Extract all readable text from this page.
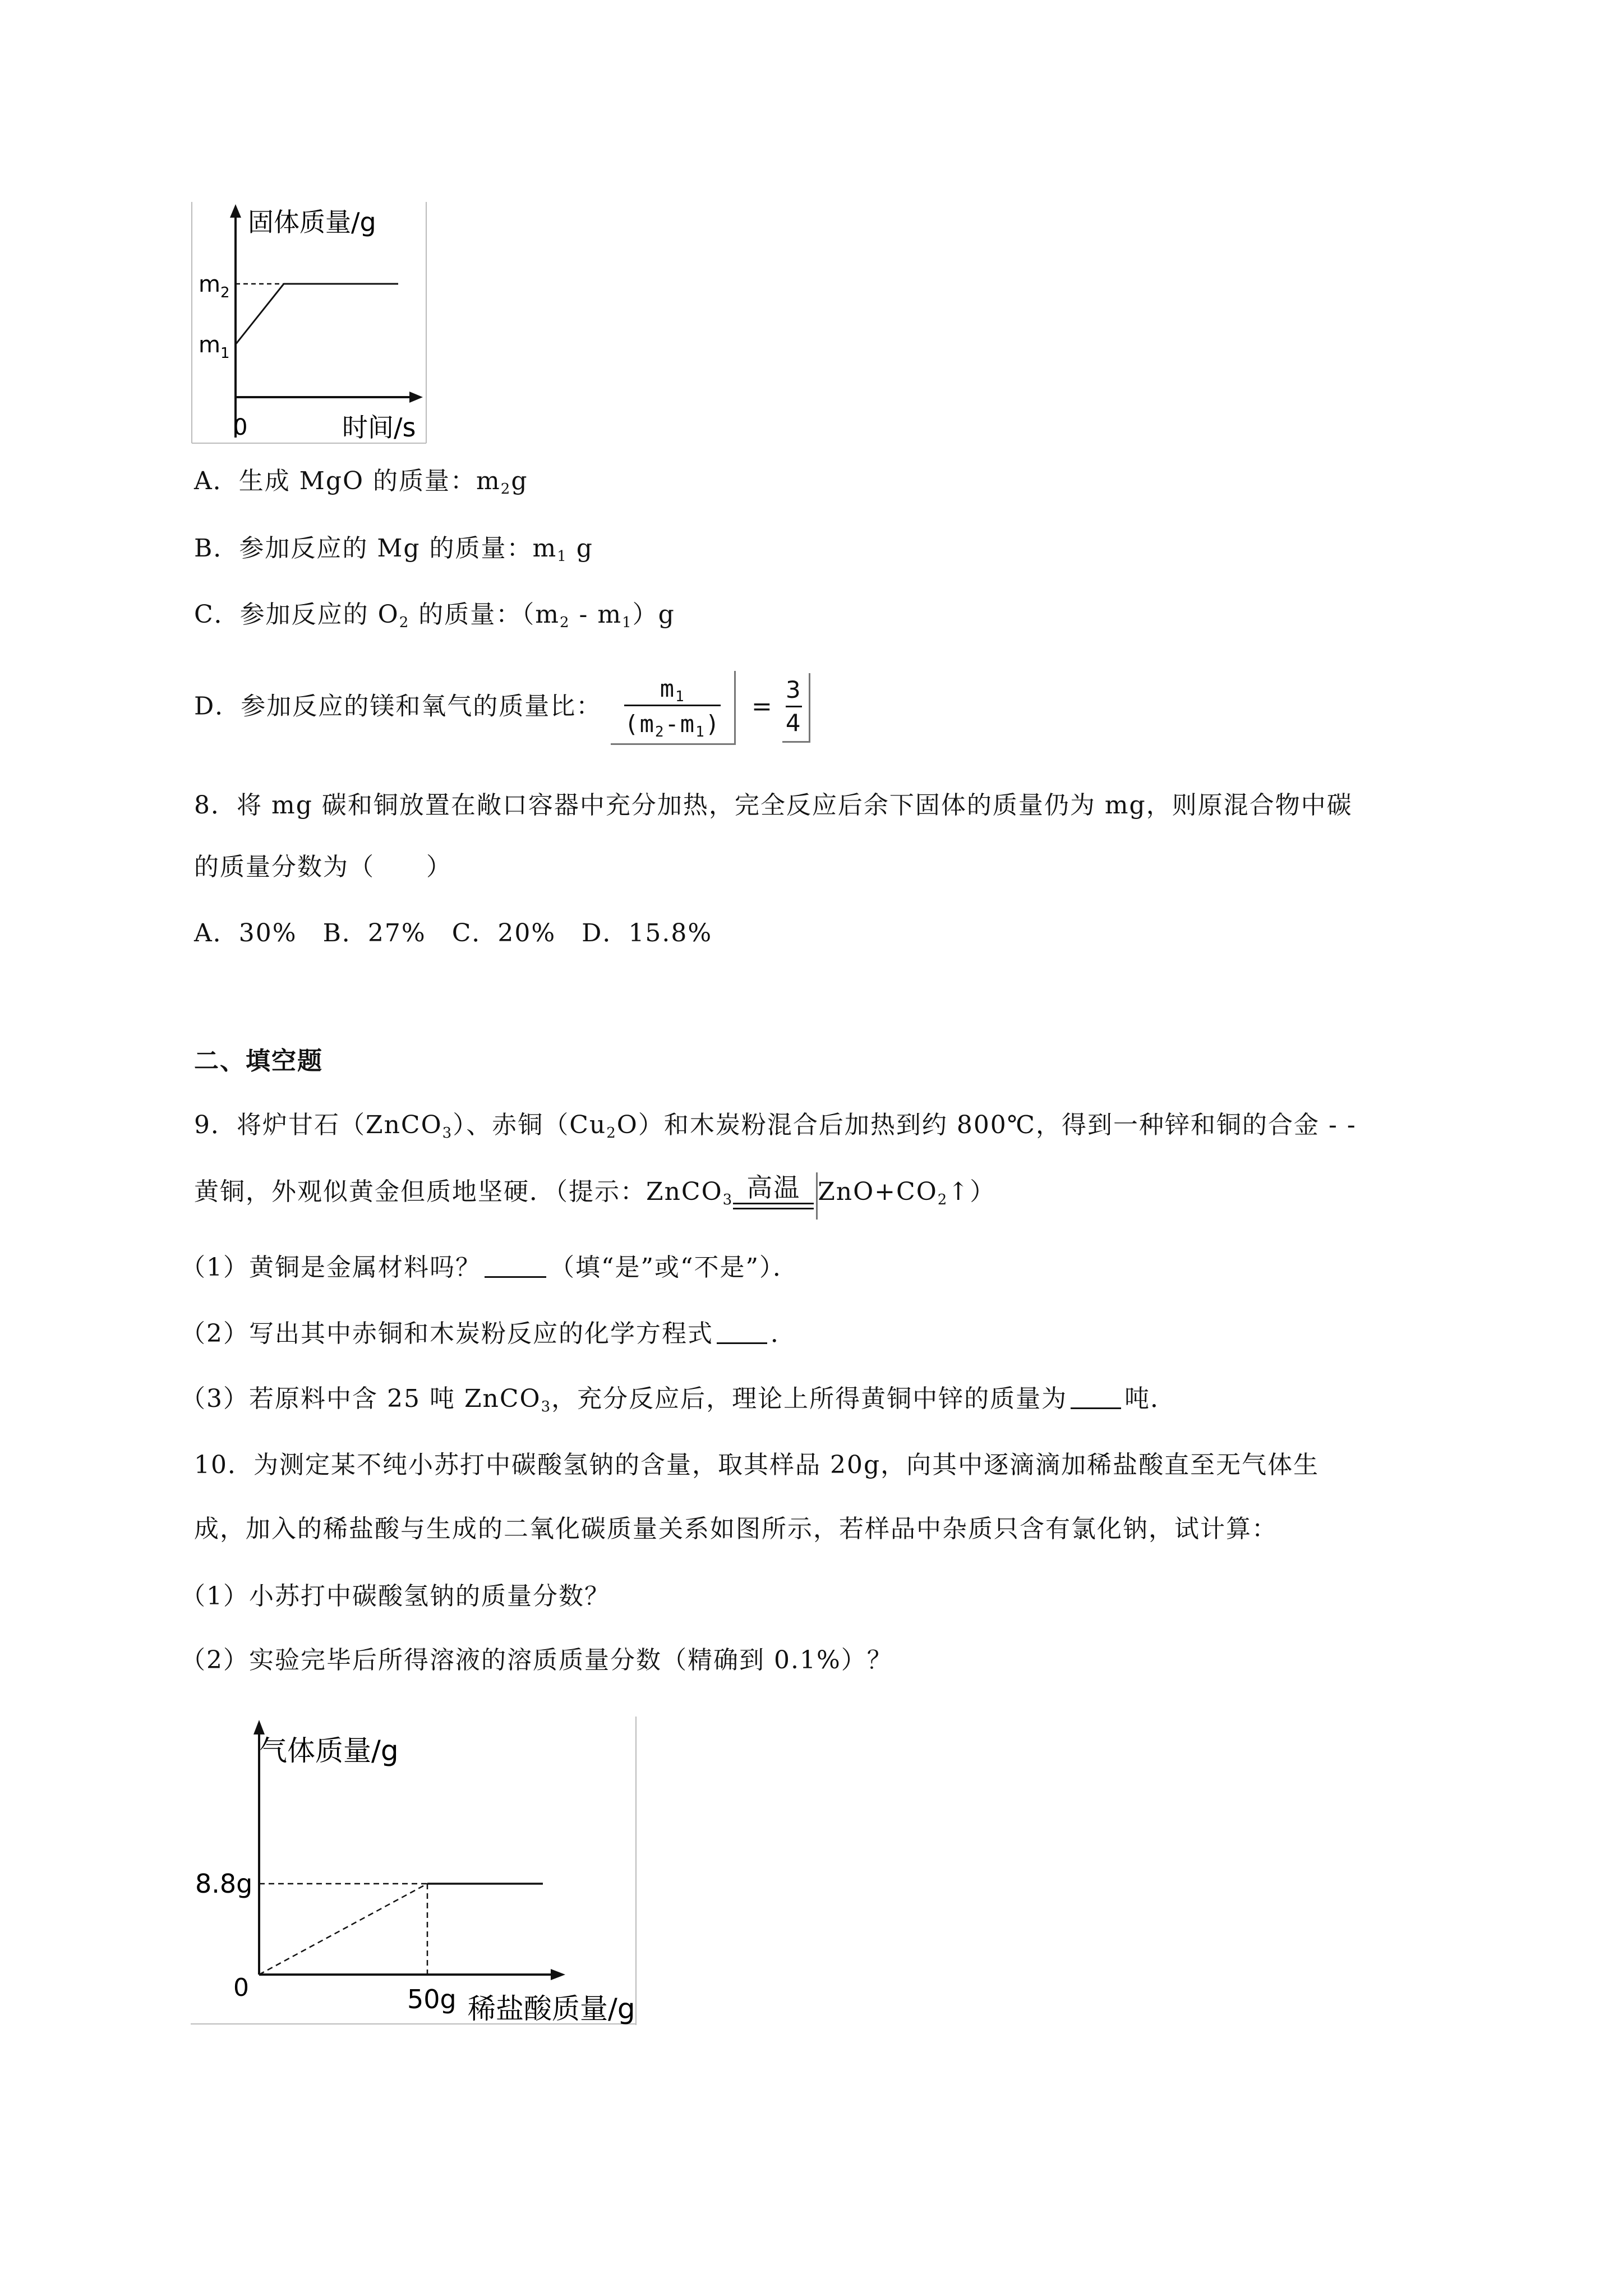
固体质量/g
$m_2$
$m_1$
0	时间/s
A．生成 MgO 的质量：$m_2g$
B．参加反应的 Mg 的质量：$m_1$ g
C．参加反应的 $O_2$ 的质量：$(m_2 - m_1)g$
D．参加反应的镁和氧气的质量比： $\frac{m_1}{(m_2-m_1)} = \frac{3}{4}$
8．将 mg 碳和铜放置在敞口容器中充分加热，完全反应后余下固体的质量仍为 mg，则原混合物中碳
的质量分数为（　　）
A．30%　B．27%　C．20%　D．15.8%
二、填空题
9．将炉甘石（ZnCO$_3$）、赤铜$(Cu_2O)$和木炭粉混合后加热到约 800℃，得到一种锌和铜的合金 - -
黄铜，外观似黄金但质地坚硬．（提示：ZnCO$_3$ 高温 $ZnO+CO_2↑$）
（1）黄铜是金属材料吗？	（填“是”或“不是”）．
（2）写出其中赤铜和木炭粉反应的化学方程式 ．
（3）若原料中含 25 吨 ZnCO$_3$，充分反应后，理论上所得黄铜中锌的质量为 吨．
10．为测定某不纯小苏打中碳酸氢钠的含量，取其样品 20g，向其中逐滴滴加稀盐酸直至无气体生
成，加入的稀盐酸与生成的二氧化碳质量关系如图所示，若样品中杂质只含有氯化钠，试计算：
（1）小苏打中碳酸氢钠的质量分数？
（2）实验完毕后所得溶液的溶质质量分数（精确到 0.1%）？
气体质量/g
8.8g
0	50g 稀盐酸质量/g
